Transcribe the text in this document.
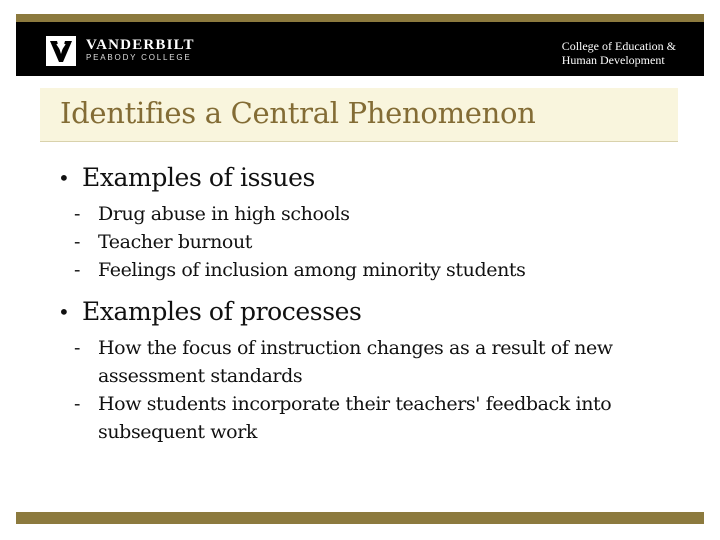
VANDERBILT
PEABODY COLLEGE
College of Education &
Human Development
Identifies a Central Phenomenon
• Examples of issues
- Drug abuse in high schools
- Teacher burnout
- Feelings of inclusion among minority students
• Examples of processes
- How the focus of instruction changes as a result of new assessment standards
- How students incorporate their teachers' feedback into subsequent work
